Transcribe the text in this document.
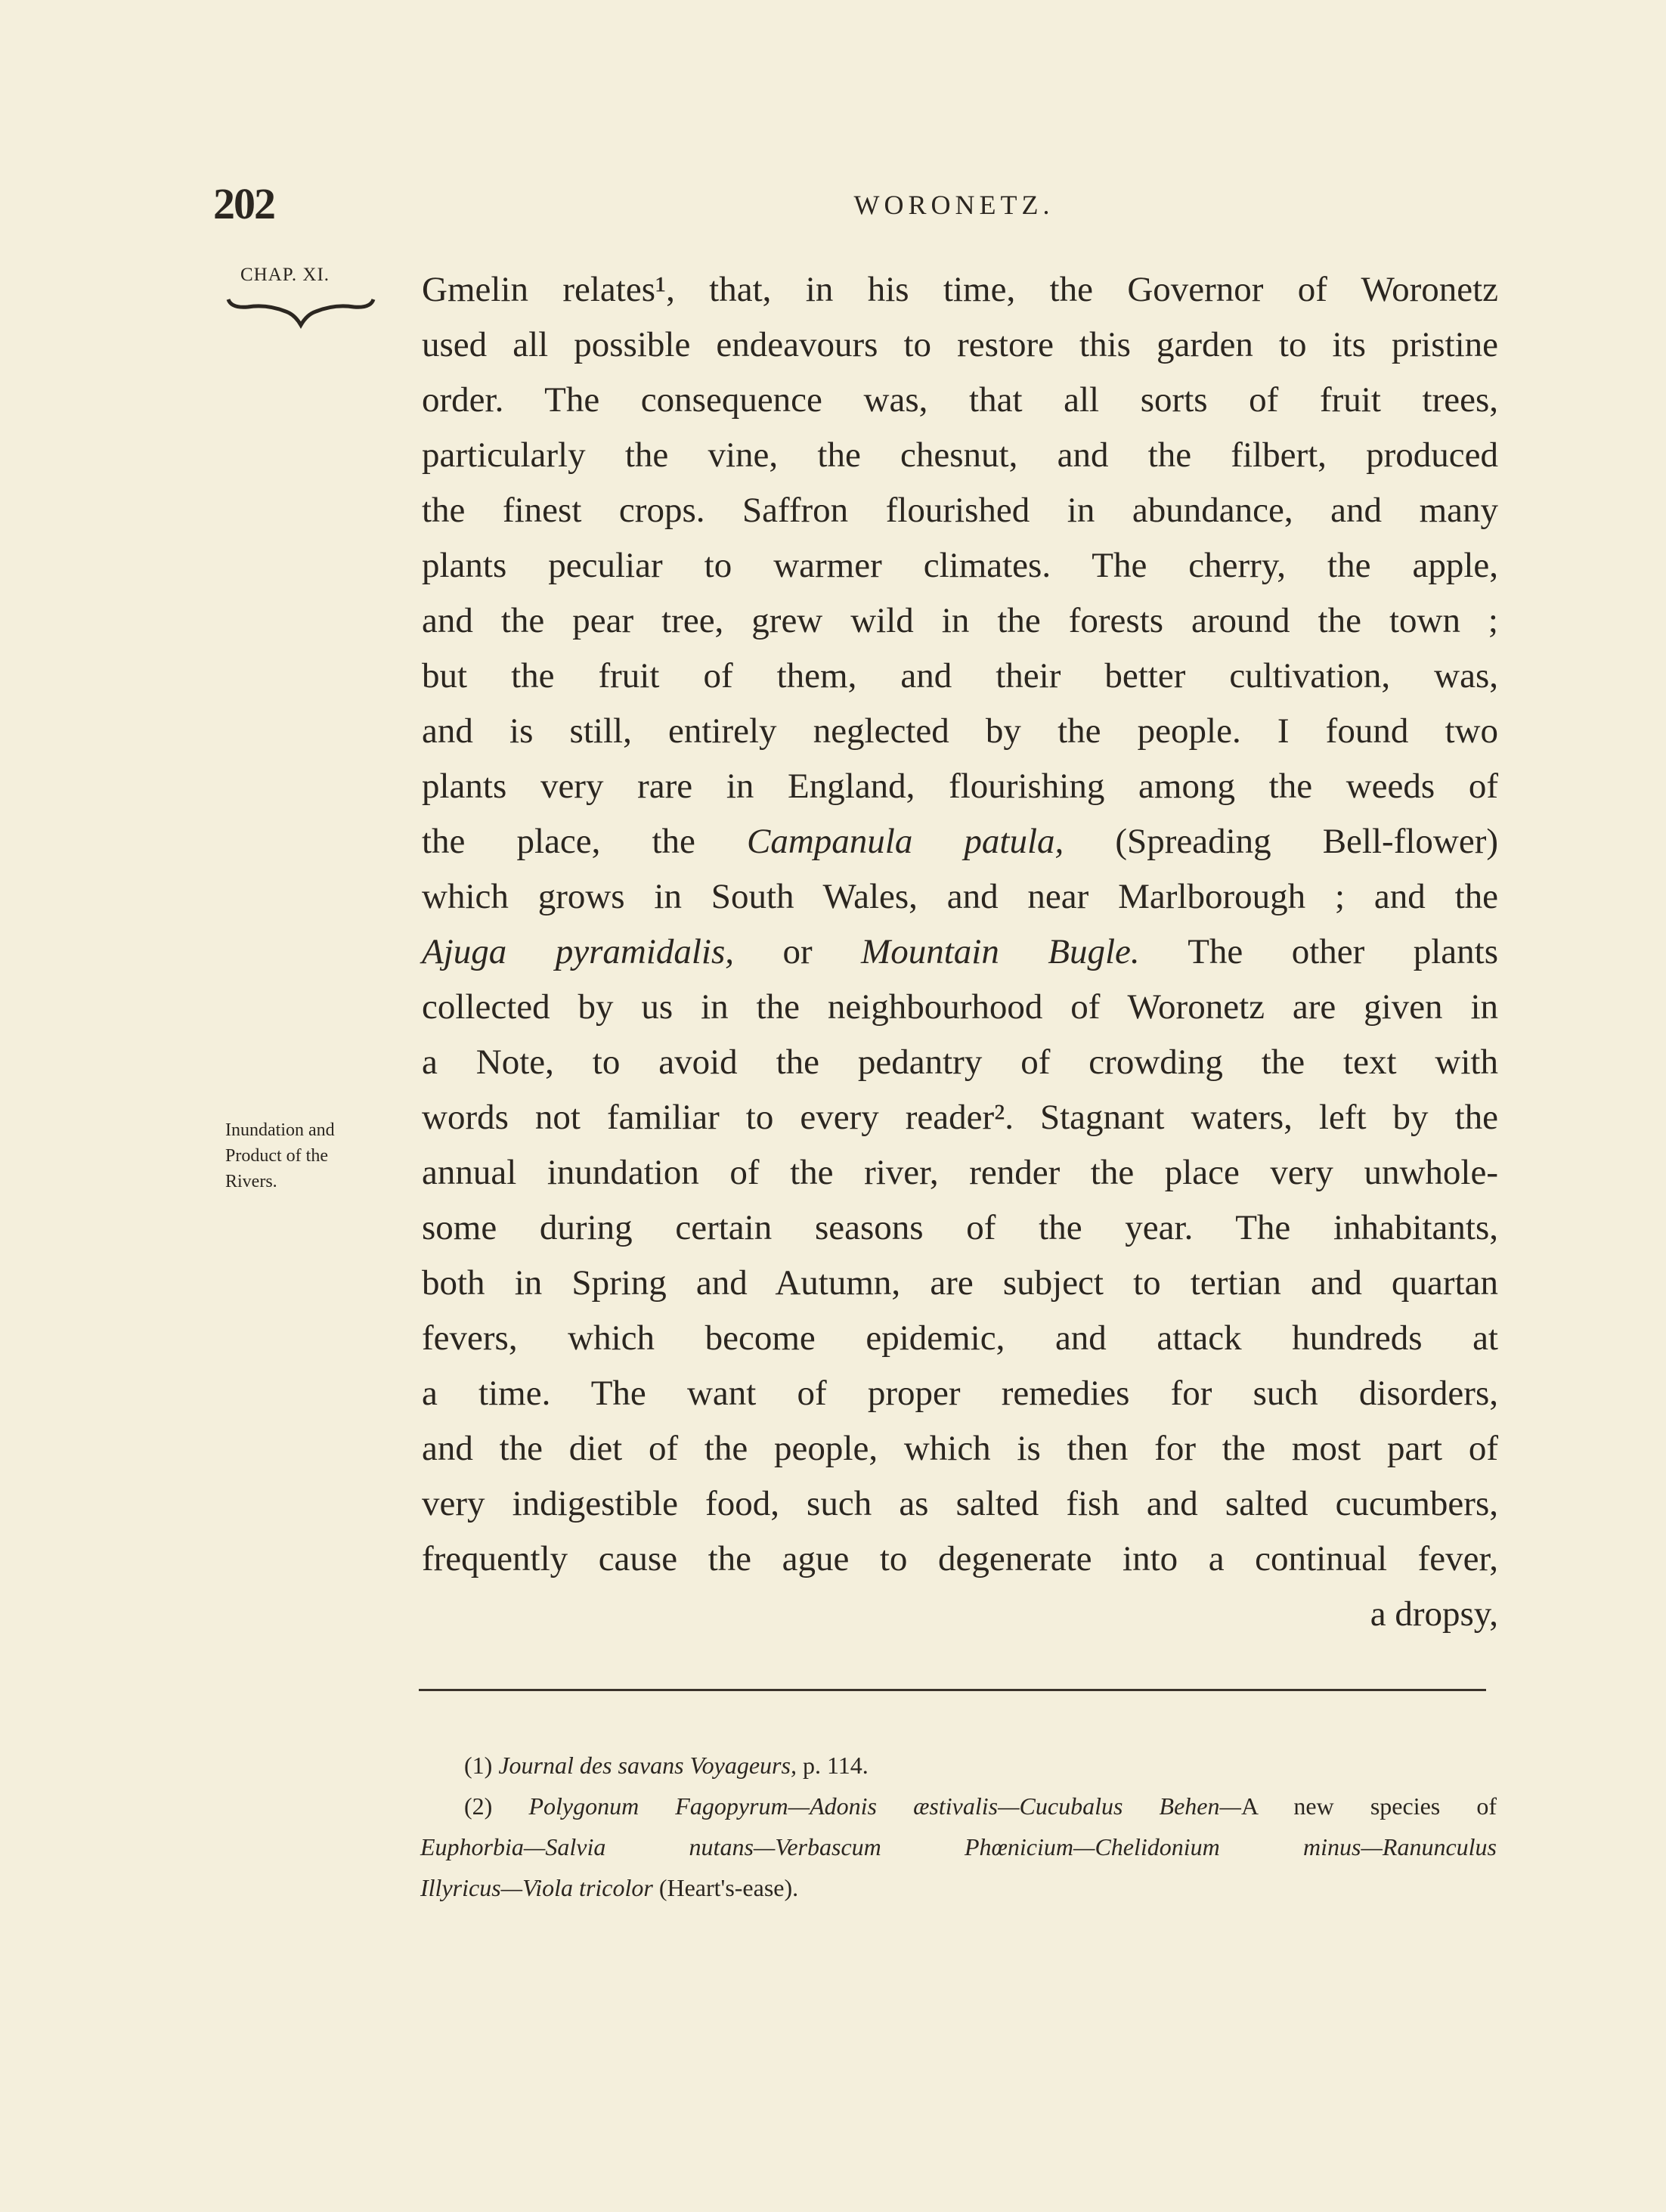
202	WORONETZ.
CHAP. XI.
Inundation and
Product of the
Rivers.
Gmelin relates¹, that, in his time, the Governor of Woronetz
used all possible endeavours to restore this garden to its pristine
order. The consequence was, that all sorts of fruit trees,
particularly the vine, the chesnut, and the filbert, produced
the finest crops. Saffron flourished in abundance, and many
plants peculiar to warmer climates. The cherry, the apple,
and the pear tree, grew wild in the forests around the town ;
but the fruit of them, and their better cultivation, was,
and is still, entirely neglected by the people. I found two
plants very rare in England, flourishing among the weeds of
the place, the Campanula patula, (Spreading Bell-flower)
which grows in South Wales, and near Marlborough ; and the
Ajuga pyramidalis, or Mountain Bugle. The other plants
collected by us in the neighbourhood of Woronetz are given in
a Note, to avoid the pedantry of crowding the text with
words not familiar to every reader². Stagnant waters, left by the
annual inundation of the river, render the place very unwhole-
some during certain seasons of the year. The inhabitants,
both in Spring and Autumn, are subject to tertian and quartan
fevers, which become epidemic, and attack hundreds at
a time. The want of proper remedies for such disorders,
and the diet of the people, which is then for the most part of
very indigestible food, such as salted fish and salted cucumbers,
frequently cause the ague to degenerate into a continual fever,
a dropsy,
(1) Journal des savans Voyageurs, p. 114.
(2) Polygonum Fagopyrum—Adonis æstivalis—Cucubalus Behen—A new species of
Euphorbia—Salvia nutans—Verbascum Phœnicium—Chelidonium minus—Ranunculus
Illyricus—Viola tricolor (Heart's-ease).
